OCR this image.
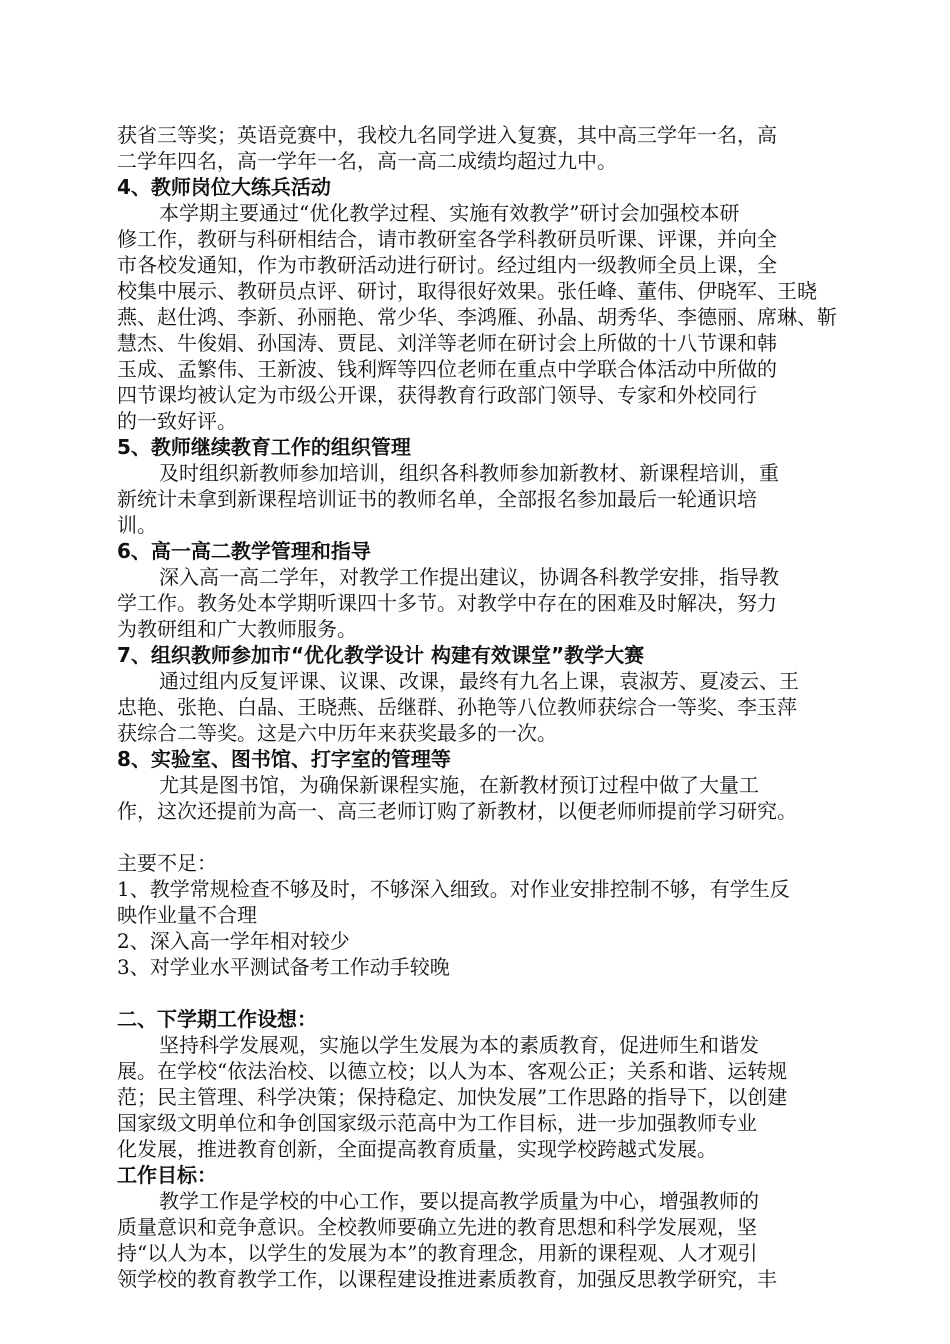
获省三等奖；英语竞赛中，我校九名同学进入复赛，其中高三学年一名，高
二学年四名，高一学年一名，高一高二成绩均超过九中。
4、教师岗位大练兵活动
本学期主要通过“优化教学过程、实施有效教学”研讨会加强校本研
修工作，教研与科研相结合，请市教研室各学科教研员听课、评课，并向全
市各校发通知，作为市教研活动进行研讨。经过组内一级教师全员上课，全
校集中展示、教研员点评、研讨，取得很好效果。张任峰、董伟、伊晓军、王晓
燕、赵仕鸿、李新、孙丽艳、常少华、李鸿雁、孙晶、胡秀华、李德丽、席琳、靳
慧杰、牛俊娟、孙国涛、贾昆、刘洋等老师在研讨会上所做的十八节课和韩
玉成、孟繁伟、王新波、钱利辉等四位老师在重点中学联合体活动中所做的
四节课均被认定为市级公开课，获得教育行政部门领导、专家和外校同行
的一致好评。
5、教师继续教育工作的组织管理
及时组织新教师参加培训，组织各科教师参加新教材、新课程培训，重
新统计未拿到新课程培训证书的教师名单，全部报名参加最后一轮通识培
训。
6、高一高二教学管理和指导
深入高一高二学年，对教学工作提出建议，协调各科教学安排，指导教
学工作。教务处本学期听课四十多节。对教学中存在的困难及时解决，努力
为教研组和广大教师服务。
7、组织教师参加市“优化教学设计 构建有效课堂”教学大赛
通过组内反复评课、议课、改课，最终有九名上课，袁淑芳、夏凌云、王
忠艳、张艳、白晶、王晓燕、岳继群、孙艳等八位教师获综合一等奖、李玉萍
获综合二等奖。这是六中历年来获奖最多的一次。
8、实验室、图书馆、打字室的管理等
尤其是图书馆，为确保新课程实施，在新教材预订过程中做了大量工
作，这次还提前为高一、高三老师订购了新教材，以便老师师提前学习研究。
主要不足：
1、教学常规检查不够及时，不够深入细致。对作业安排控制不够，有学生反
映作业量不合理
2、深入高一学年相对较少
3、对学业水平测试备考工作动手较晚
二、下学期工作设想：
坚持科学发展观，实施以学生发展为本的素质教育，促进师生和谐发
展。在学校“依法治校、以德立校；以人为本、客观公正；关系和谐、运转规
范；民主管理、科学决策；保持稳定、加快发展”工作思路的指导下，以创建
国家级文明单位和争创国家级示范高中为工作目标，进一步加强教师专业
化发展，推进教育创新，全面提高教育质量，实现学校跨越式发展。
工作目标：
教学工作是学校的中心工作，要以提高教学质量为中心，增强教师的
质量意识和竞争意识。全校教师要确立先进的教育思想和科学发展观，坚
持“以人为本，以学生的发展为本”的教育理念，用新的课程观、人才观引
领学校的教育教学工作，以课程建设推进素质教育，加强反思教学研究，丰
